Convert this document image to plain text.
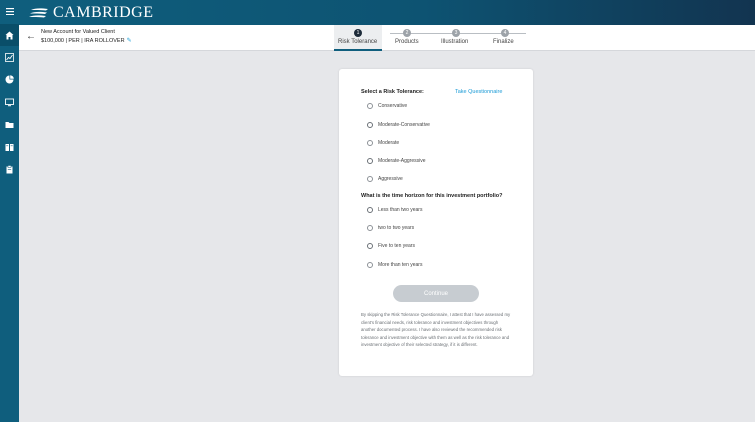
CAMBRIDGE
← New Account for Valued Client
$100,000 | PER | IRA ROLLOVER ✎
1
Risk Tolerance
2
Products
3
Illustration
4
Finalize
Select a Risk Tolerance:	Take Questionnaire
Conservative
Moderate-Conservative
Moderate
Moderate-Aggressive
Aggressive
What is the time horizon for this investment portfolio?
Less than two years
two to two years
Five to ten years
More than ten years
Continue
By skipping the Risk Tolerance Questionnaire, I attest that I have assessed my client's financial needs, risk tolerance and investment objectives through another documented process. I have also reviewed the recommended risk tolerance and investment objective with them as well as the risk tolerance and investment objective of their selected strategy, if it is different.
